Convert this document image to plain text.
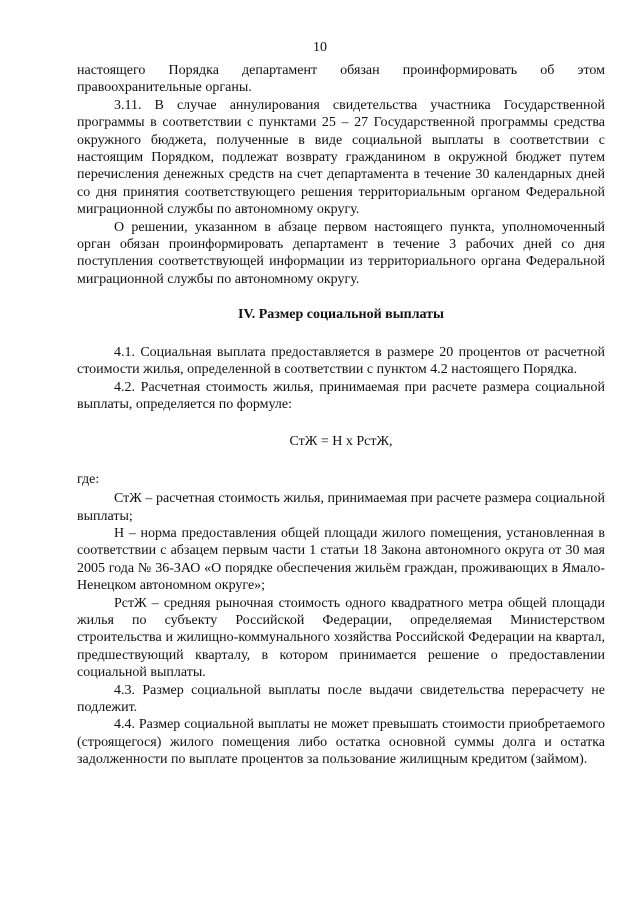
10

настоящего Порядка департамент обязан проинформировать об этом правоохранительные органы.

3.11. В случае аннулирования свидетельства участника Государственной программы в соответствии с пунктами 25 – 27 Государственной программы средства окружного бюджета, полученные в виде социальной выплаты в соответствии с настоящим Порядком, подлежат возврату гражданином в окружной бюджет путем перечисления денежных средств на счет департамента в течение 30 календарных дней со дня принятия соответствующего решения территориальным органом Федеральной миграционной службы по автономному округу.

О решении, указанном в абзаце первом настоящего пункта, уполномоченный орган обязан проинформировать департамент в течение 3 рабочих дней со дня поступления соответствующей информации из территориального органа Федеральной миграционной службы по автономному округу.

IV. Размер социальной выплаты

4.1. Социальная выплата предоставляется в размере 20 процентов от расчетной стоимости жилья, определенной в соответствии с пунктом 4.2 настоящего Порядка.

4.2. Расчетная стоимость жилья, принимаемая при расчете размера социальной выплаты, определяется по формуле:

СтЖ = Н х РстЖ,

где:

СтЖ – расчетная стоимость жилья, принимаемая при расчете размера социальной выплаты;

Н – норма предоставления общей площади жилого помещения, установленная в соответствии с абзацем первым части 1 статьи 18 Закона автономного округа от 30 мая 2005 года № 36-ЗАО «О порядке обеспечения жильём граждан, проживающих в Ямало-Ненецком автономном округе»;

РстЖ – средняя рыночная стоимость одного квадратного метра общей площади жилья по субъекту Российской Федерации, определяемая Министерством строительства и жилищно-коммунального хозяйства Российской Федерации на квартал, предшествующий кварталу, в котором принимается решение о предоставлении социальной выплаты.

4.3. Размер социальной выплаты после выдачи свидетельства перерасчету не подлежит.

4.4. Размер социальной выплаты не может превышать стоимости приобретаемого (строящегося) жилого помещения либо остатка основной суммы долга и остатка задолженности по выплате процентов за пользование жилищным кредитом (займом).
